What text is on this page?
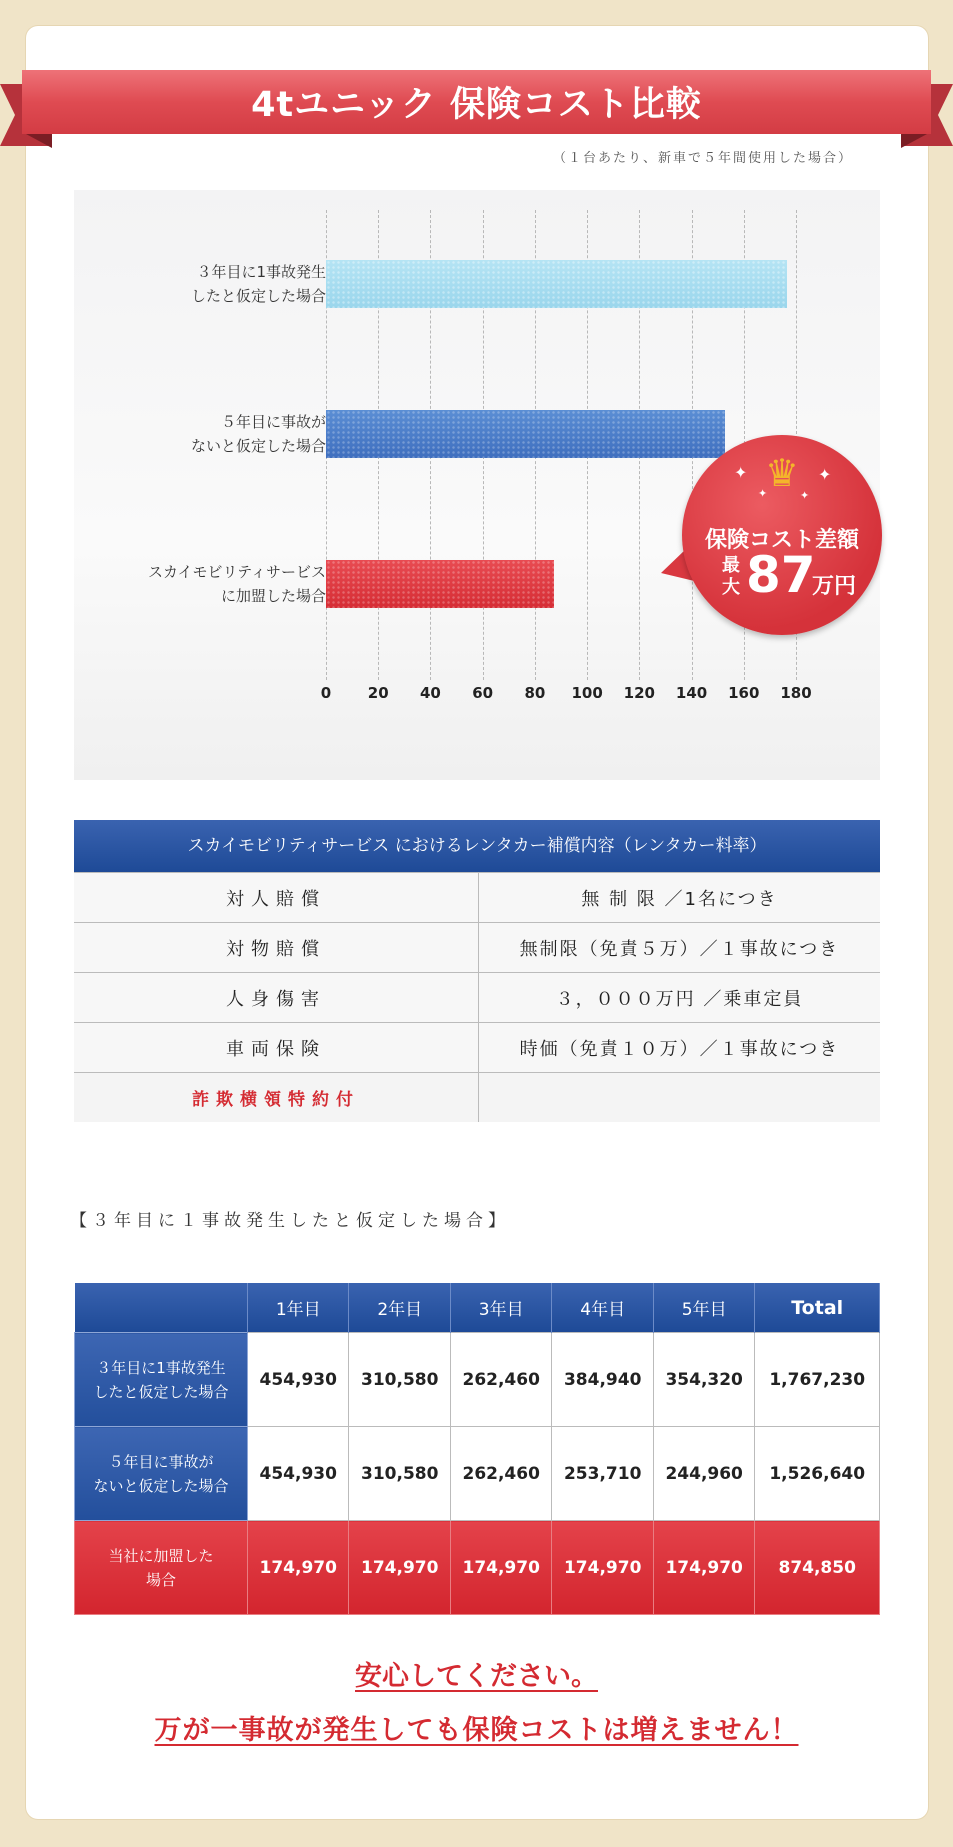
4tユニック 保険コスト比較
（１台あたり、新車で５年間使用した場合）
♛
✦
✦
✦
✦
保険コスト差額
最大 87
万円
0	20	40	60	80	100	120	140	160	180
３年目に1事故発生
したと仮定した場合
５年目に事故が
ないと仮定した場合
スカイモビリティサービス
に加盟した場合
スカイモビリティサービス におけるレンタカー補償内容（レンタカー料率）
対人賠償	無 制 限 ／1名につき
対物賠償	無制限（免責５万）／１事故につき
人身傷害	３，０００万円 ／乗車定員
車両保険	時価（免責１０万）／１事故につき
詐欺横領特約付	
【３年目に１事故発生したと仮定した場合】
	1年目	2年目	3年目	4年目	5年目	Total
３年目に1事故発生
したと仮定した場合	454,930	310,580	262,460	384,940	354,320	1,767,230
５年目に事故が
ないと仮定した場合	454,930	310,580	262,460	253,710	244,960	1,526,640
当社に加盟した
場合	174,970	174,970	174,970	174,970	174,970	874,850
安心してください。
万が一事故が発生しても保険コストは増えません！
